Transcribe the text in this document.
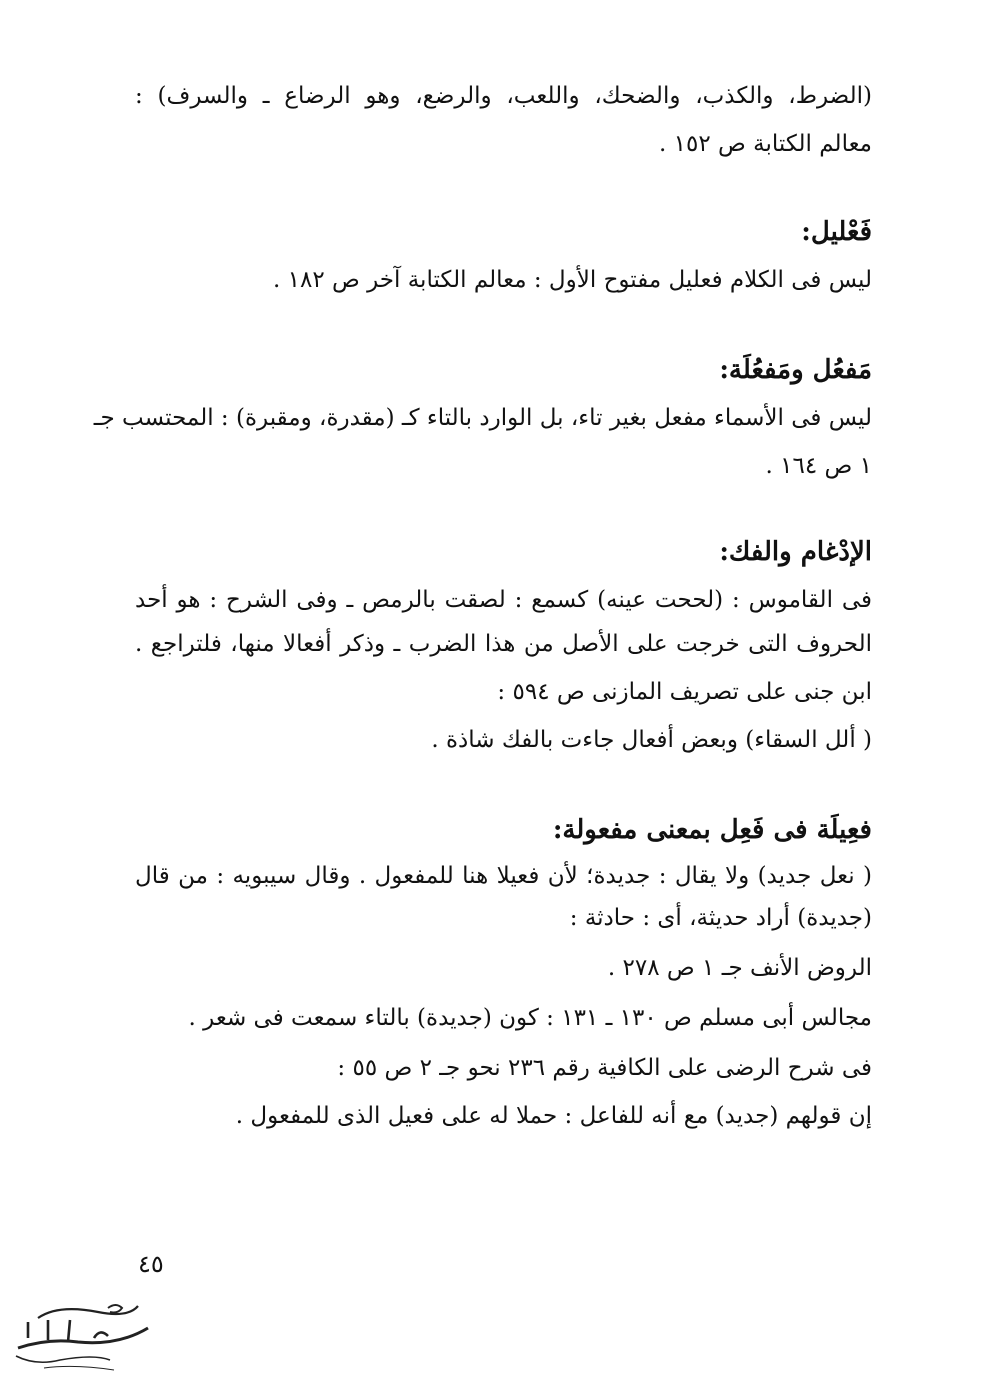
(الضرط، والكذب، والضحك، واللعب، والرضع، وهو الرضاع ـ والسرف) :
معالم الكتابة ص ١٥٢ .
فَعْليل:
ليس فى الكلام فعليل مفتوح الأول : معالم الكتابة آخر ص ١٨٢ .
مَفعُل ومَفعُلَة:
ليس فى الأسماء مفعل بغير تاء، بل الوارد بالتاء كـ (مقدرة، ومقبرة) : المحتسب جـ
١ ص ١٦٤ .
الإدْغام والفك:
فى القاموس : (لححت عينه) كسمع : لصقت بالرمص ـ وفى الشرح : هو أحد
الحروف التى خرجت على الأصل من هذا الضرب ـ وذكر أفعالا منها، فلتراجع .
ابن جنى على تصريف المازنى ص ٥٩٤ :
( ألل السقاء) وبعض أفعال جاءت بالفك شاذة .
فعِيلَة فى فَعِل بمعنى مفعولة:
( نعل جديد) ولا يقال : جديدة؛ لأن فعيلا هنا للمفعول . وقال سيبويه : من قال
(جديدة) أراد حديثة، أى : حادثة :
الروض الأنف جـ ١ ص ٢٧٨ .
مجالس أبى مسلم ص ١٣٠ ـ ١٣١ : كون (جديدة) بالتاء سمعت فى شعر .
فى شرح الرضى على الكافية رقم ٢٣٦ نحو جـ ٢ ص ٥٥ :
إن قولهم (جديد) مع أنه للفاعل : حملا له على فعيل الذى للمفعول .
٤٥
